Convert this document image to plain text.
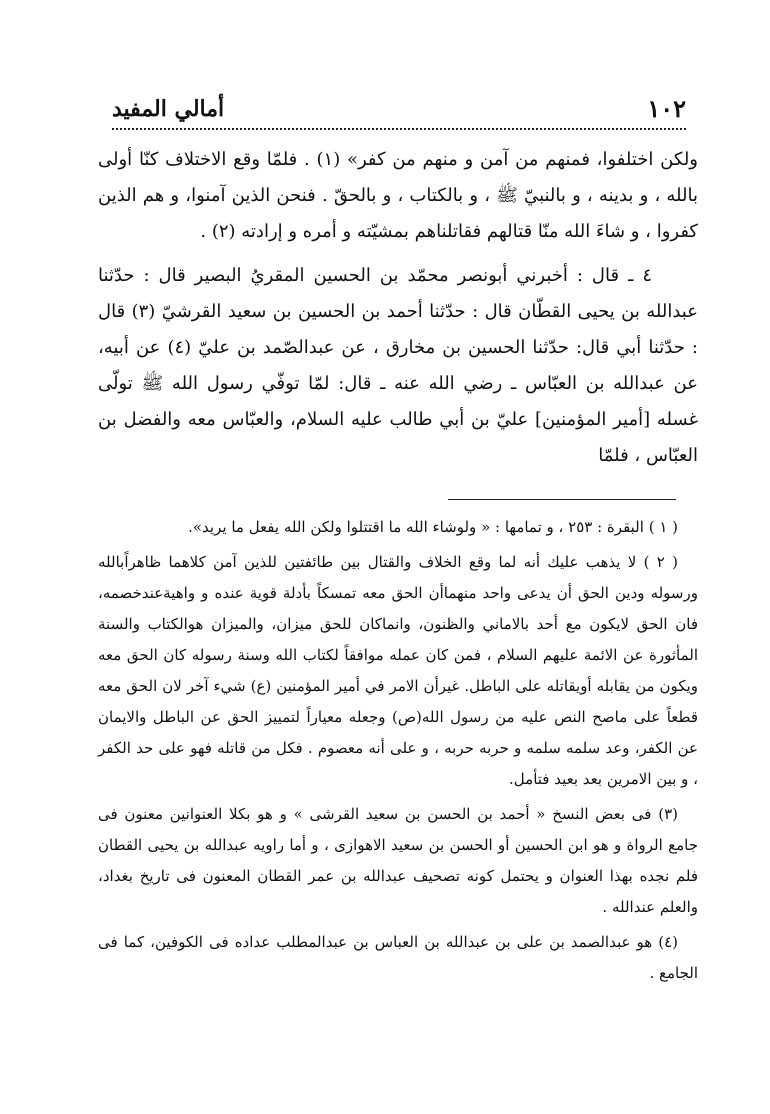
أمالي المفيد	١٠٢

ولكن اختلفوا، فمنهم من آمن و منهم من كفر» (١) . فلمّا وقع الاختلاف كنّا أولى بالله ، و بدينه ، و بالنبيّ ﷺ ، و بالكتاب ، و بالحقّ . فنحن الذين آمنوا، و هم الذين كفروا ، و شاءَ الله منّا قتالهم فقاتلناهم بمشيّته و أمره و إرادته (٢) .

٤ ـ قال : أخبرني أبونصر محمّد بن الحسين المقريُ البصير قال : حدّثنا عبدالله بن يحيى القطّان قال : حدّثنا أحمد بن الحسين بن سعيد القرشيّ (٣) قال : حدّثنا أبي قال: حدّثنا الحسين بن مخارق ، عن عبدالصّمد بن عليّ (٤) عن أبيه، عن عبدالله بن العبّاس ـ رضي الله عنه ـ قال: لمّا توفّي رسول الله ﷺ تولّى غسله [أمير المؤمنين] عليّ بن أبي طالب عليه السلام، والعبّاس معه والفضل بن العبّاس ، فلمّا

( ١ ) البقرة : ٢٥٣ ، و تمامها : « ولوشاء الله ما اقتتلوا ولكن الله يفعل ما يريد».

( ٢ ) لا يذهب عليك أنه لما وقع الخلاف والقتال بين طائفتين للذين آمن كلاهما ظاهراًبالله ورسوله ودين الحق أن يدعى واحد منهماأن الحق معه تمسكاً بأدلة قوية عنده و واهيةعندخصمه، فان الحق لايكون مع أحد بالاماني والظنون، وانماكان للحق ميزان، والميزان هوالكتاب والسنة المأثورة عن الائمة عليهم السلام ، فمن كان عمله موافقاً لكتاب الله وسنة رسوله كان الحق معه ويكون من يقابله أويقاتله على الباطل. غيرأن الامر في أمير المؤمنين (ع) شيء آخر لان الحق معه قطعاً على ماصح النص عليه من رسول الله(ص) وجعله معياراً لتمييز الحق عن الباطل والايمان عن الكفر، وعد سلمه سلمه و حربه حربه ، و على أنه معصوم . فكل من قاتله فهو على حد الكفر ، و بين الامرين بعد بعيد فتأمل.

(٣) فى بعض النسخ « أحمد بن الحسن بن سعيد القرشى » و هو بكلا العنوانين معنون فى جامع الرواة و هو ابن الحسين أو الحسن بن سعيد الاهوازى ، و أما راويه عبدالله بن يحيى القطان فلم نجده بهذا العنوان و يحتمل كونه تصحيف عبدالله بن عمر القطان المعنون فى تاريخ بغداد، والعلم عندالله .

(٤) هو عبدالصمد بن على بن عبدالله بن العباس بن عبدالمطلب عداده فى الكوفين، كما فى الجامع .
